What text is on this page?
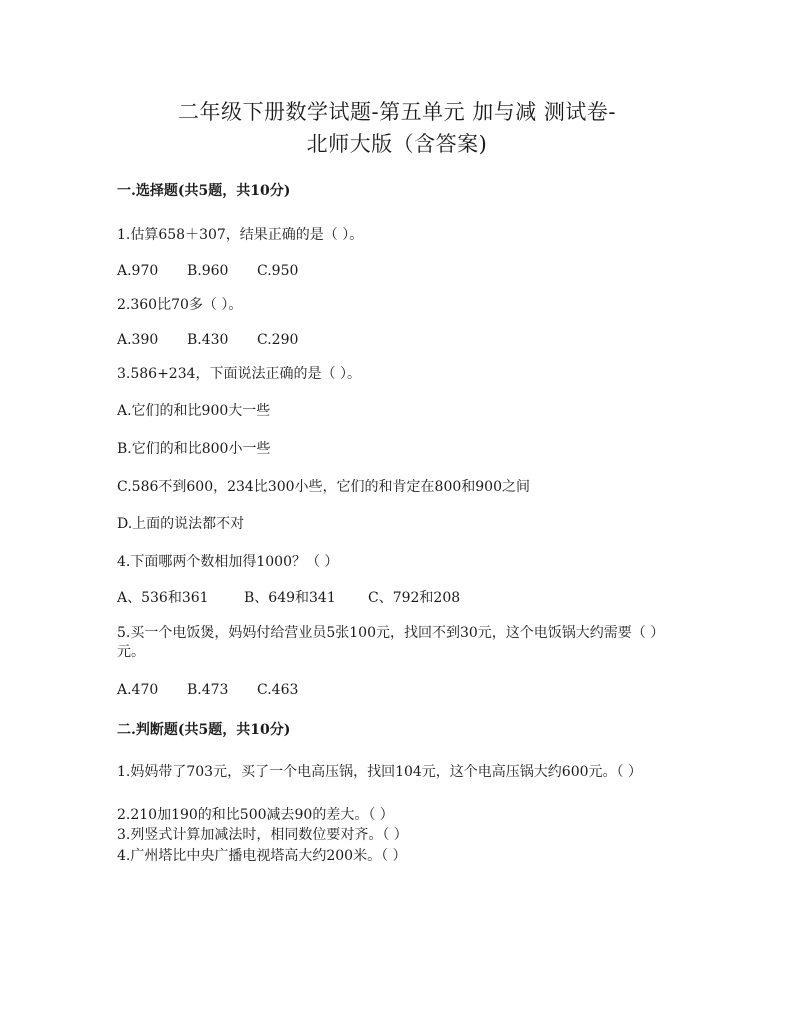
二年级下册数学试题-第五单元 加与减 测试卷-
北师大版（含答案)
一.选择题(共5题，共10分)
1.估算658＋307，结果正确的是（ ）。
A.970 B.960 C.950
2.360比70多（ ）。
A.390 B.430 C.290
3.586+234，下面说法正确的是（ ）。
A.它们的和比900大一些
B.它们的和比800小一些
C.586不到600，234比300小些，它们的和肯定在800和900之间
D.上面的说法都不对
4.下面哪两个数相加得1000？（ ）
A、536和361	B、649和341 C、792和208
5.买一个电饭煲，妈妈付给营业员5张100元，找回不到30元，这个电饭锅大约需要（ ）元。
A.470 B.473 C.463
二.判断题(共5题，共10分)
1.妈妈带了703元，买了一个电高压锅，找回104元，这个电高压锅大约600元。（ ）
2.210加190的和比500减去90的差大。（ ）
3.列竖式计算加减法时，相同数位要对齐。（ ）
4.广州塔比中央广播电视塔高大约200米。（ ）
